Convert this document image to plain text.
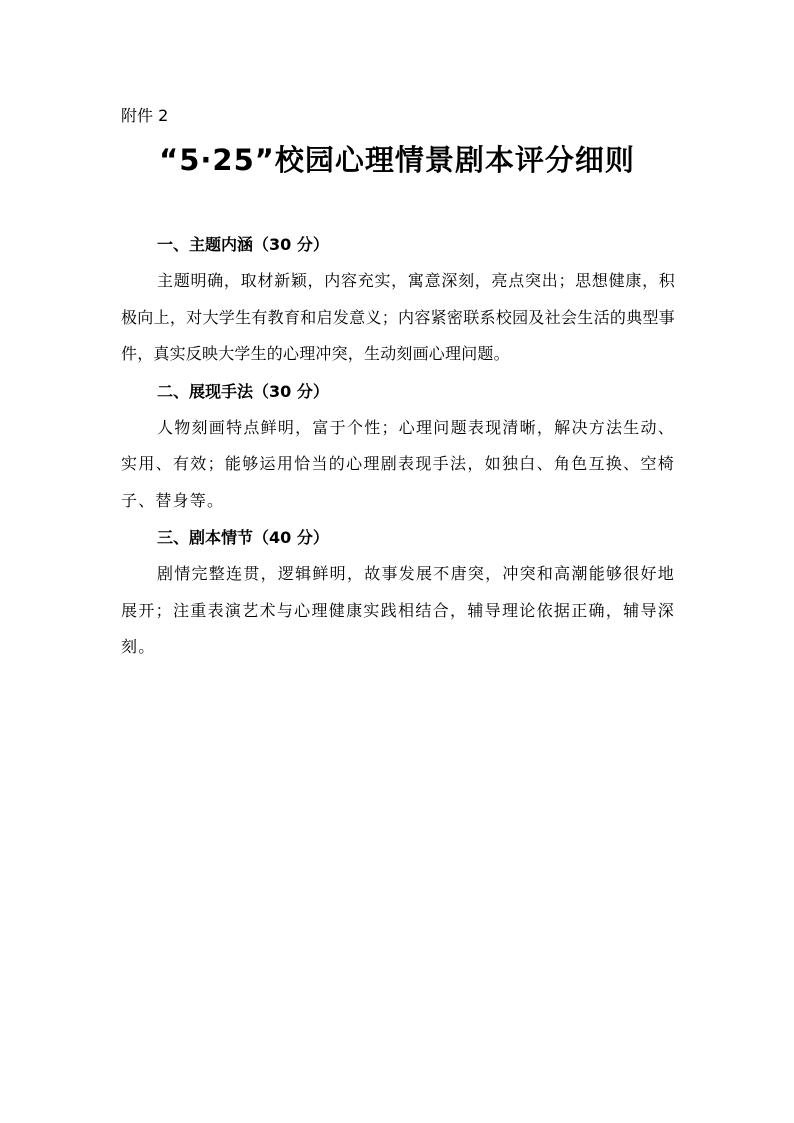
附件 2
“5·25”校园心理情景剧本评分细则

一、主题内涵（30 分）

主题明确，取材新颖，内容充实，寓意深刻，亮点突出；思想健康，积极向上，对大学生有教育和启发意义；内容紧密联系校园及社会生活的典型事件，真实反映大学生的心理冲突，生动刻画心理问题。

二、展现手法（30 分）

人物刻画特点鲜明，富于个性；心理问题表现清晰，解决方法生动、实用、有效；能够运用恰当的心理剧表现手法，如独白、角色互换、空椅子、替身等。

三、剧本情节（40 分）

剧情完整连贯，逻辑鲜明，故事发展不唐突，冲突和高潮能够很好地展开；注重表演艺术与心理健康实践相结合，辅导理论依据正确，辅导深刻。
